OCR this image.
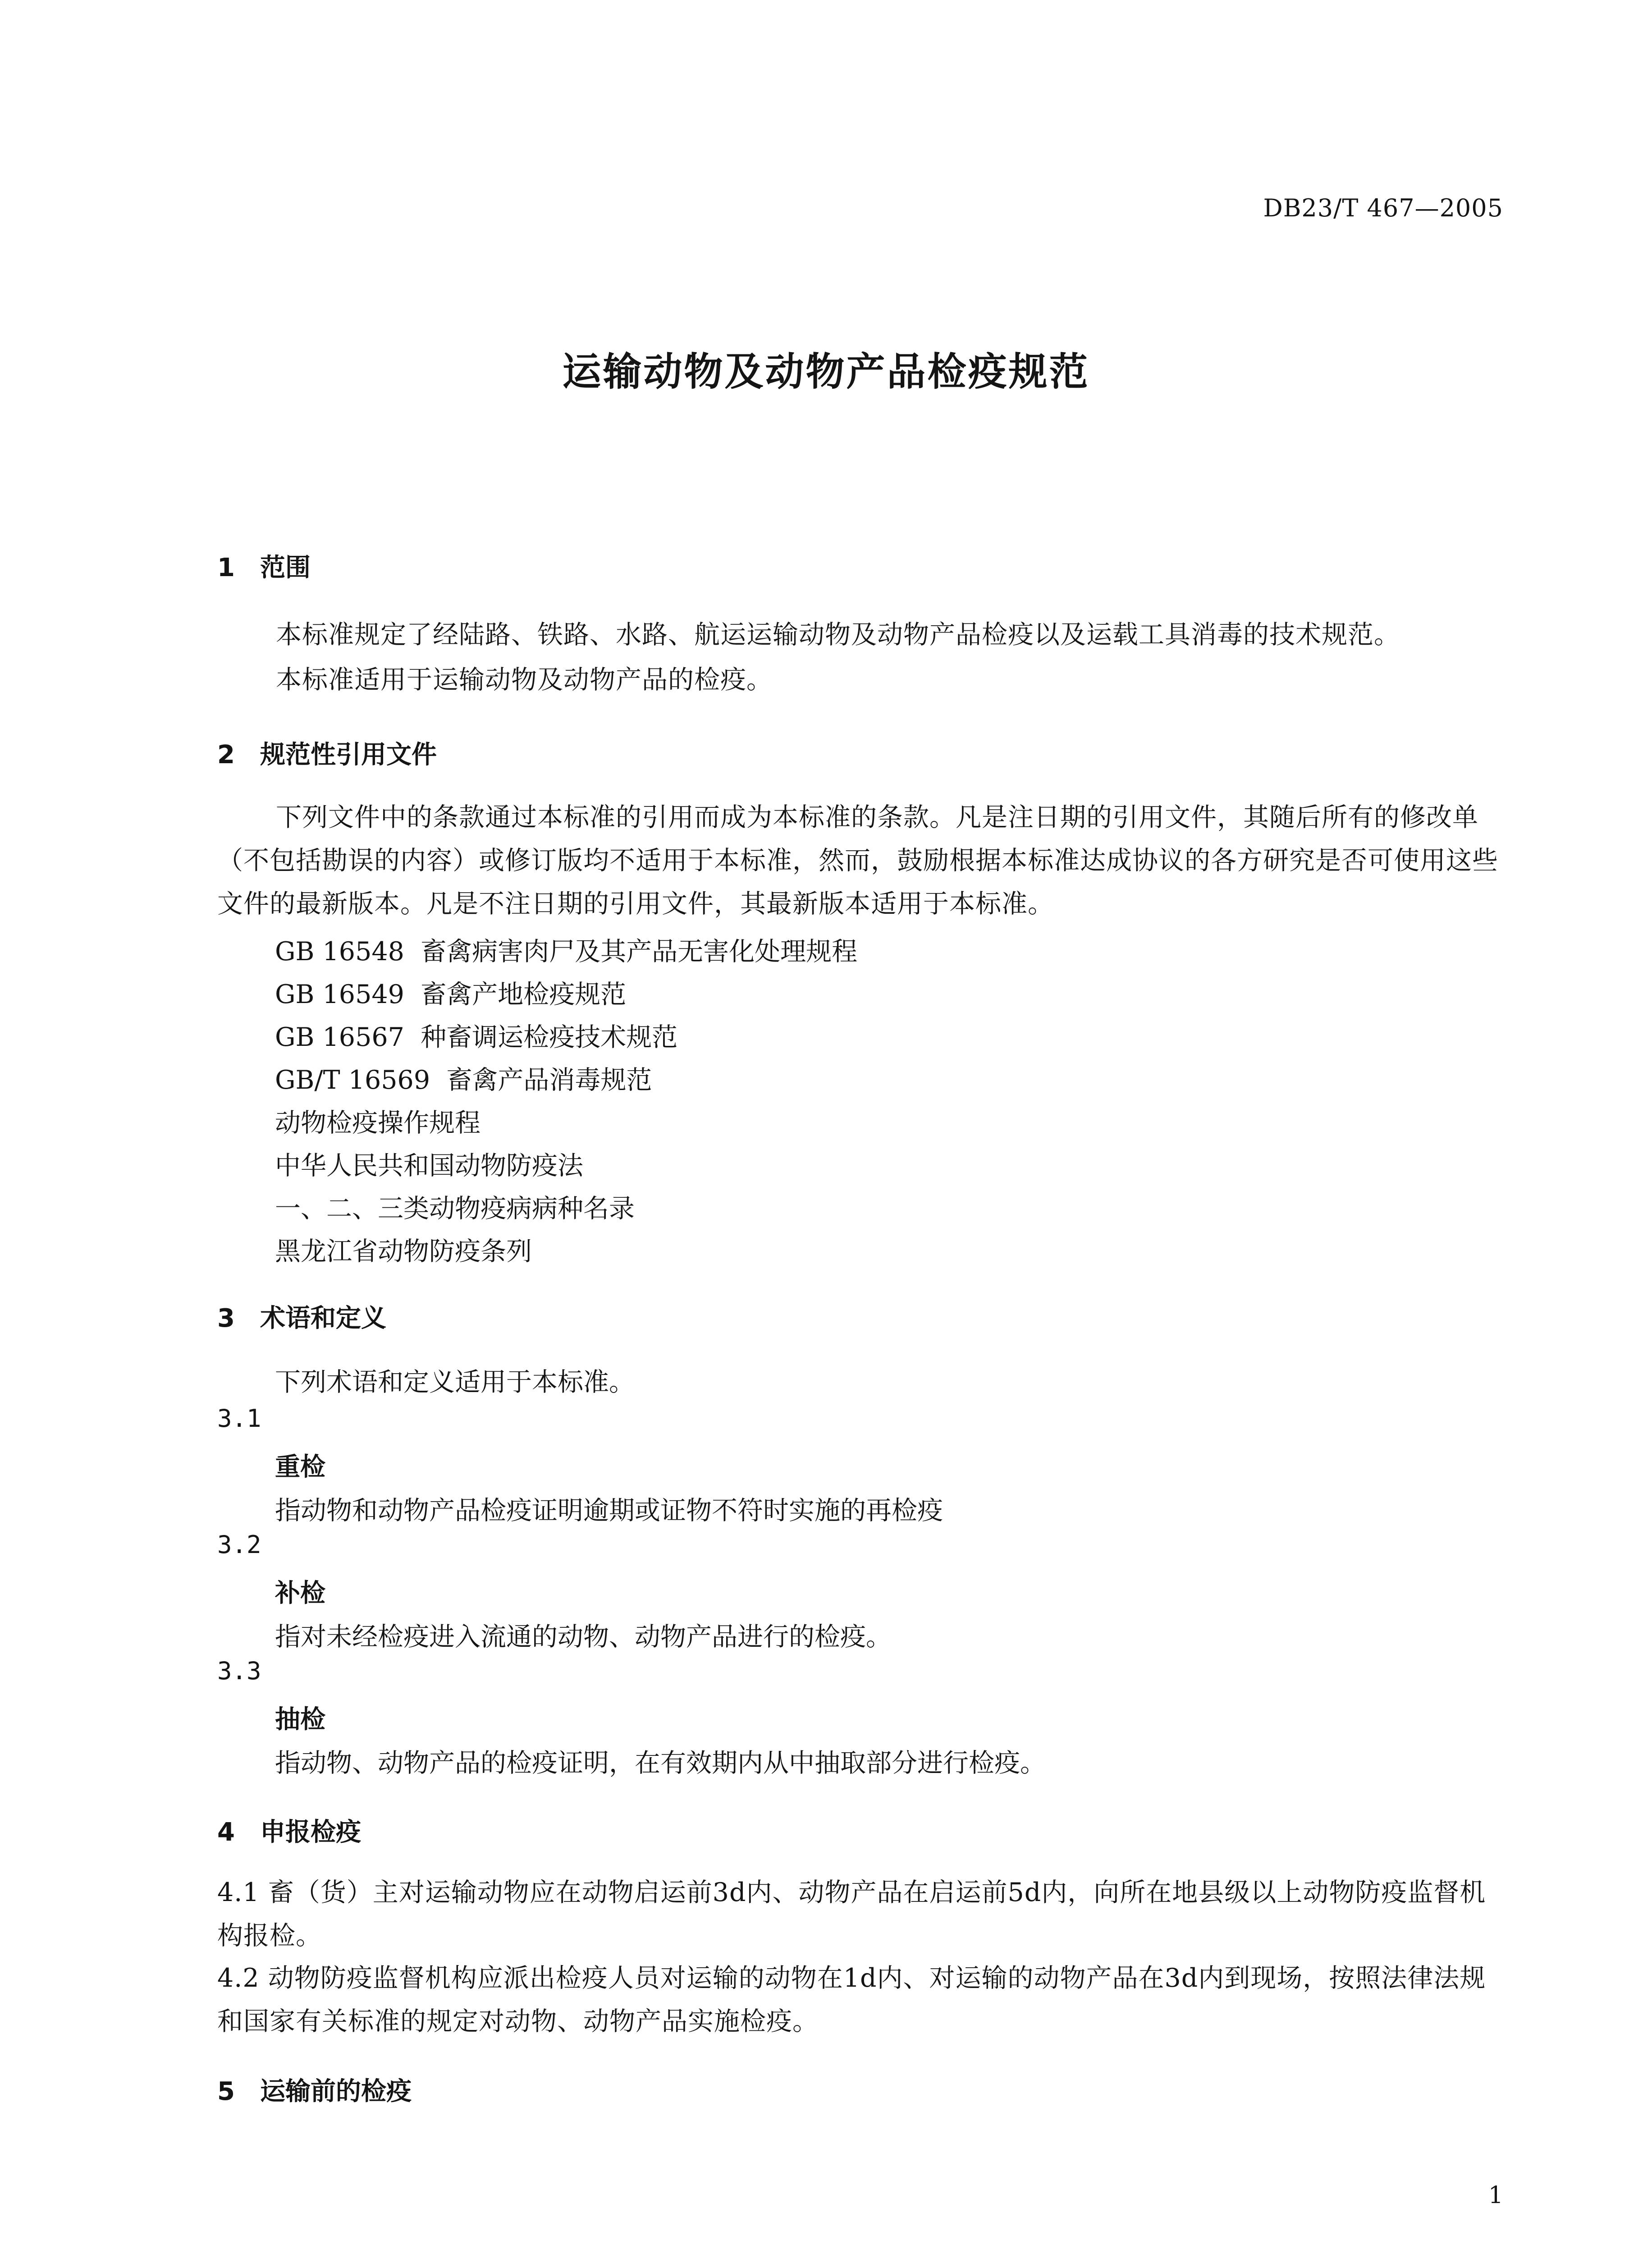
DB23/T 467—2005
运输动物及动物产品检疫规范
1 范围
本标准规定了经陆路、铁路、水路、航运运输动物及动物产品检疫以及运载工具消毒的技术规范。
本标准适用于运输动物及动物产品的检疫。
2 规范性引用文件
下列文件中的条款通过本标准的引用而成为本标准的条款。凡是注日期的引用文件，其随后所有的修改单（不包括勘误的内容）或修订版均不适用于本标准，然而，鼓励根据本标准达成协议的各方研究是否可使用这些文件的最新版本。凡是不注日期的引用文件，其最新版本适用于本标准。
GB 16548  畜禽病害肉尸及其产品无害化处理规程
GB 16549  畜禽产地检疫规范
GB 16567  种畜调运检疫技术规范
GB/T 16569  畜禽产品消毒规范
动物检疫操作规程
中华人民共和国动物防疫法
一、二、三类动物疫病病种名录
黑龙江省动物防疫条列
3 术语和定义
下列术语和定义适用于本标准。
3.1
重检
指动物和动物产品检疫证明逾期或证物不符时实施的再检疫
3.2
补检
指对未经检疫进入流通的动物、动物产品进行的检疫。
3.3
抽检
指动物、动物产品的检疫证明，在有效期内从中抽取部分进行检疫。
4 申报检疫
4.1 畜（货）主对运输动物应在动物启运前3d内、动物产品在启运前5d内，向所在地县级以上动物防疫监督机构报检。
4.2 动物防疫监督机构应派出检疫人员对运输的动物在1d内、对运输的动物产品在3d内到现场，按照法律法规和国家有关标准的规定对动物、动物产品实施检疫。
5 运输前的检疫
1
